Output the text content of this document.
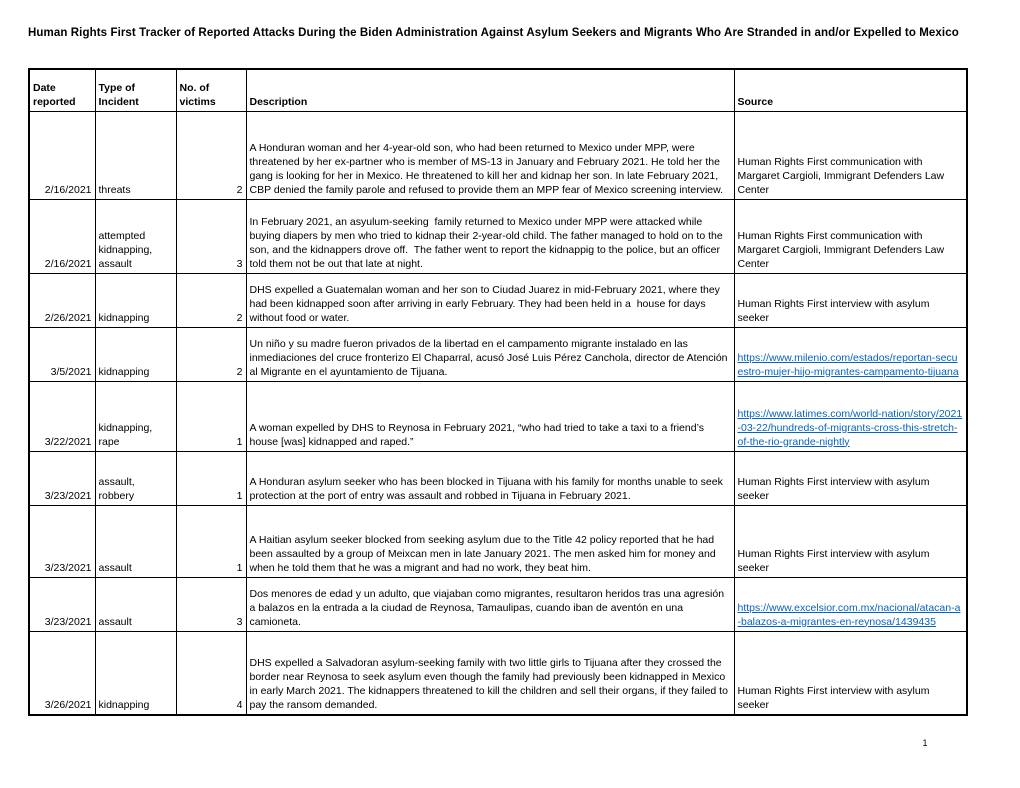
Human Rights First Tracker of Reported Attacks During the Biden Administration Against Asylum Seekers and Migrants Who Are Stranded in and/or Expelled to Mexico
Date reported	Type of Incident	No. of victims	Description	Source
2/16/2021	threats	2	A Honduran woman and her 4-year-old son, who had been returned to Mexico under MPP, were threatened by her ex-partner who is member of MS-13 in January and February 2021. He told her the gang is looking for her in Mexico. He threatened to kill her and kidnap her son. In late February 2021, CBP denied the family parole and refused to provide them an MPP fear of Mexico screening interview.	Human Rights First communication with Margaret Cargioli, Immigrant Defenders Law Center
2/16/2021	attempted kidnapping, assault	3	In February 2021, an asyulum-seeking  family returned to Mexico under MPP were attacked while buying diapers by men who tried to kidnap their 2-year-old child. The father managed to hold on to the son, and the kidnappers drove off.  The father went to report the kidnappig to the police, but an officer told them not be out that late at night.	Human Rights First communication with Margaret Cargioli, Immigrant Defenders Law Center
2/26/2021	kidnapping	2	DHS expelled a Guatemalan woman and her son to Ciudad Juarez in mid-February 2021, where they had been kidnapped soon after arriving in early February. They had been held in a  house for days without food or water.	Human Rights First interview with asylum seeker
3/5/2021	kidnapping	2	Un niño y su madre fueron privados de la libertad en el campamento migrante instalado en las inmediaciones del cruce fronterizo El Chaparral, acusó José Luis Pérez Canchola, director de Atención al Migrante en el ayuntamiento de Tijuana.	https://www.milenio.com/estados/reportan-secuestro-mujer-hijo-migrantes-campamento-tijuana
3/22/2021	kidnapping, rape	1	A woman expelled by DHS to Reynosa in February 2021, “who had tried to take a taxi to a friend’s house [was] kidnapped and raped.”	https://www.latimes.com/world-nation/story/2021-03-22/hundreds-of-migrants-cross-this-stretch-of-the-rio-grande-nightly
3/23/2021	assault, robbery	1	A Honduran asylum seeker who has been blocked in Tijuana with his family for months unable to seek protection at the port of entry was assault and robbed in Tijuana in February 2021.	Human Rights First interview with asylum seeker
3/23/2021	assault	1	A Haitian asylum seeker blocked from seeking asylum due to the Title 42 policy reported that he had been assaulted by a group of Meixcan men in late January 2021. The men asked him for money and when he told them that he was a migrant and had no work, they beat him.	Human Rights First interview with asylum seeker
3/23/2021	assault	3	Dos menores de edad y un adulto, que viajaban como migrantes, resultaron heridos tras una agresión a balazos en la entrada a la ciudad de Reynosa, Tamaulipas, cuando iban de aventón en una camioneta.	https://www.excelsior.com.mx/nacional/atacan-a-balazos-a-migrantes-en-reynosa/1439435
3/26/2021	kidnapping	4	DHS expelled a Salvadoran asylum-seeking family with two little girls to Tijuana after they crossed the border near Reynosa to seek asylum even though the family had previously been kidnapped in Mexico in early March 2021. The kidnappers threatened to kill the children and sell their organs, if they failed to pay the ransom demanded.	Human Rights First interview with asylum seeker
1
